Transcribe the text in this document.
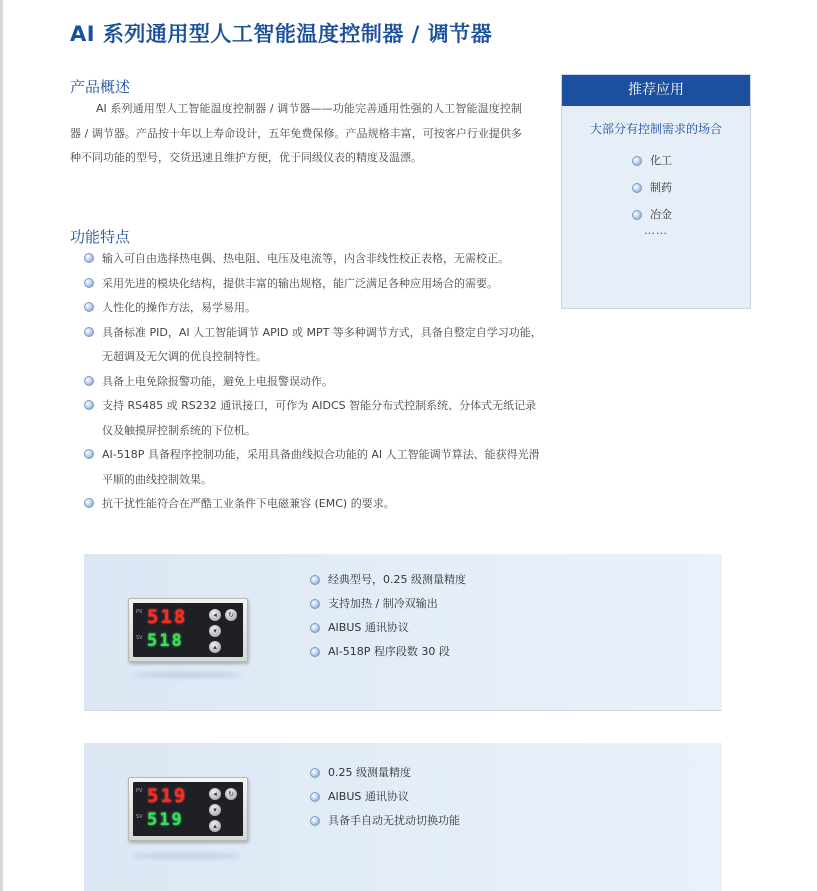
AI 系列通用型人工智能温度控制器 / 调节器
产品概述
AI 系列通用型人工智能温度控制器 / 调节器——功能完善通用性强的人工智能温度控制器 / 调节器。产品按十年以上寿命设计，五年免费保修。产品规格丰富，可按客户行业提供多种不同功能的型号，交货迅速且维护方便，优于同级仪表的精度及温漂。
功能特点
输入可自由选择热电偶、热电阻、电压及电流等，内含非线性校正表格，无需校正。
采用先进的模块化结构，提供丰富的输出规格，能广泛满足各种应用场合的需要。
人性化的操作方法，易学易用。
具备标准 PID，AI 人工智能调节 APID 或 MPT 等多种调节方式，具备自整定自学习功能，无超调及无欠调的优良控制特性。
具备上电免除报警功能，避免上电报警误动作。
支持 RS485 或 RS232 通讯接口，可作为 AIDCS 智能分布式控制系统、分体式无纸记录仪及触摸屏控制系统的下位机。
AI-518P 具备程序控制功能，采用具备曲线拟合功能的 AI 人工智能调节算法、能获得光滑平顺的曲线控制效果。
抗干扰性能符合在严酷工业条件下电磁兼容 (EMC) 的要求。
推荐应用
大部分有控制需求的场合
化工
制药
冶金
……
PV
SV
518
518
◂	↻
▾
▴
经典型号，0.25 级测量精度
支持加热 / 制冷双输出
AIBUS 通讯协议
AI-518P 程序段数 30 段
PV
SV
519
519
◂	↻
▾
▴
0.25 级测量精度
AIBUS 通讯协议
具备手自动无扰动切换功能
